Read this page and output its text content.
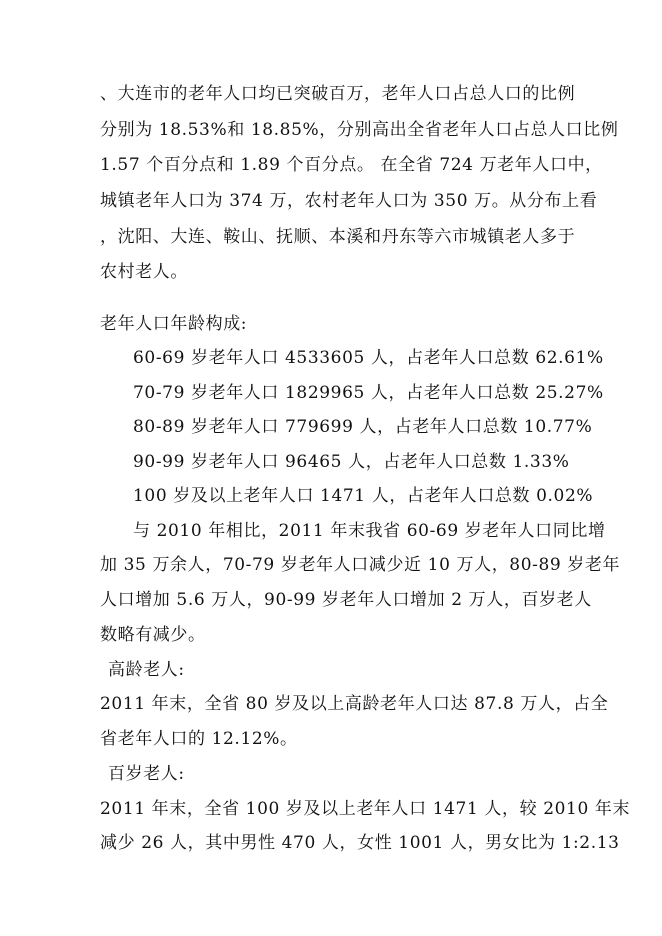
、大连市的老年人口均已突破百万，老年人口占总人口的比例
分别为 18.53%和 18.85%，分别高出全省老年人口占总人口比例
1.57 个百分点和 1.89 个百分点。 在全省 724 万老年人口中，
城镇老年人口为 374 万，农村老年人口为 350 万。从分布上看
，沈阳、大连、鞍山、抚顺、本溪和丹东等六市城镇老人多于
农村老人。
老年人口年龄构成:
60-69 岁老年人口 4533605 人，占老年人口总数 62.61%
70-79 岁老年人口 1829965 人，占老年人口总数 25.27%
80-89 岁老年人口 779699 人，占老年人口总数 10.77%
90-99 岁老年人口 96465 人，占老年人口总数 1.33%
100 岁及以上老年人口 1471 人，占老年人口总数 0.02%
与 2010 年相比，2011 年末我省 60-69 岁老年人口同比增
加 35 万余人，70-79 岁老年人口减少近 10 万人，80-89 岁老年
人口增加 5.6 万人，90-99 岁老年人口增加 2 万人，百岁老人
数略有减少。
高龄老人:
2011 年末，全省 80 岁及以上高龄老年人口达 87.8 万人，占全
省老年人口的 12.12%。
百岁老人:
2011 年末，全省 100 岁及以上老年人口 1471 人，较 2010 年末
减少 26 人，其中男性 470 人，女性 1001 人，男女比为 1:2.13
